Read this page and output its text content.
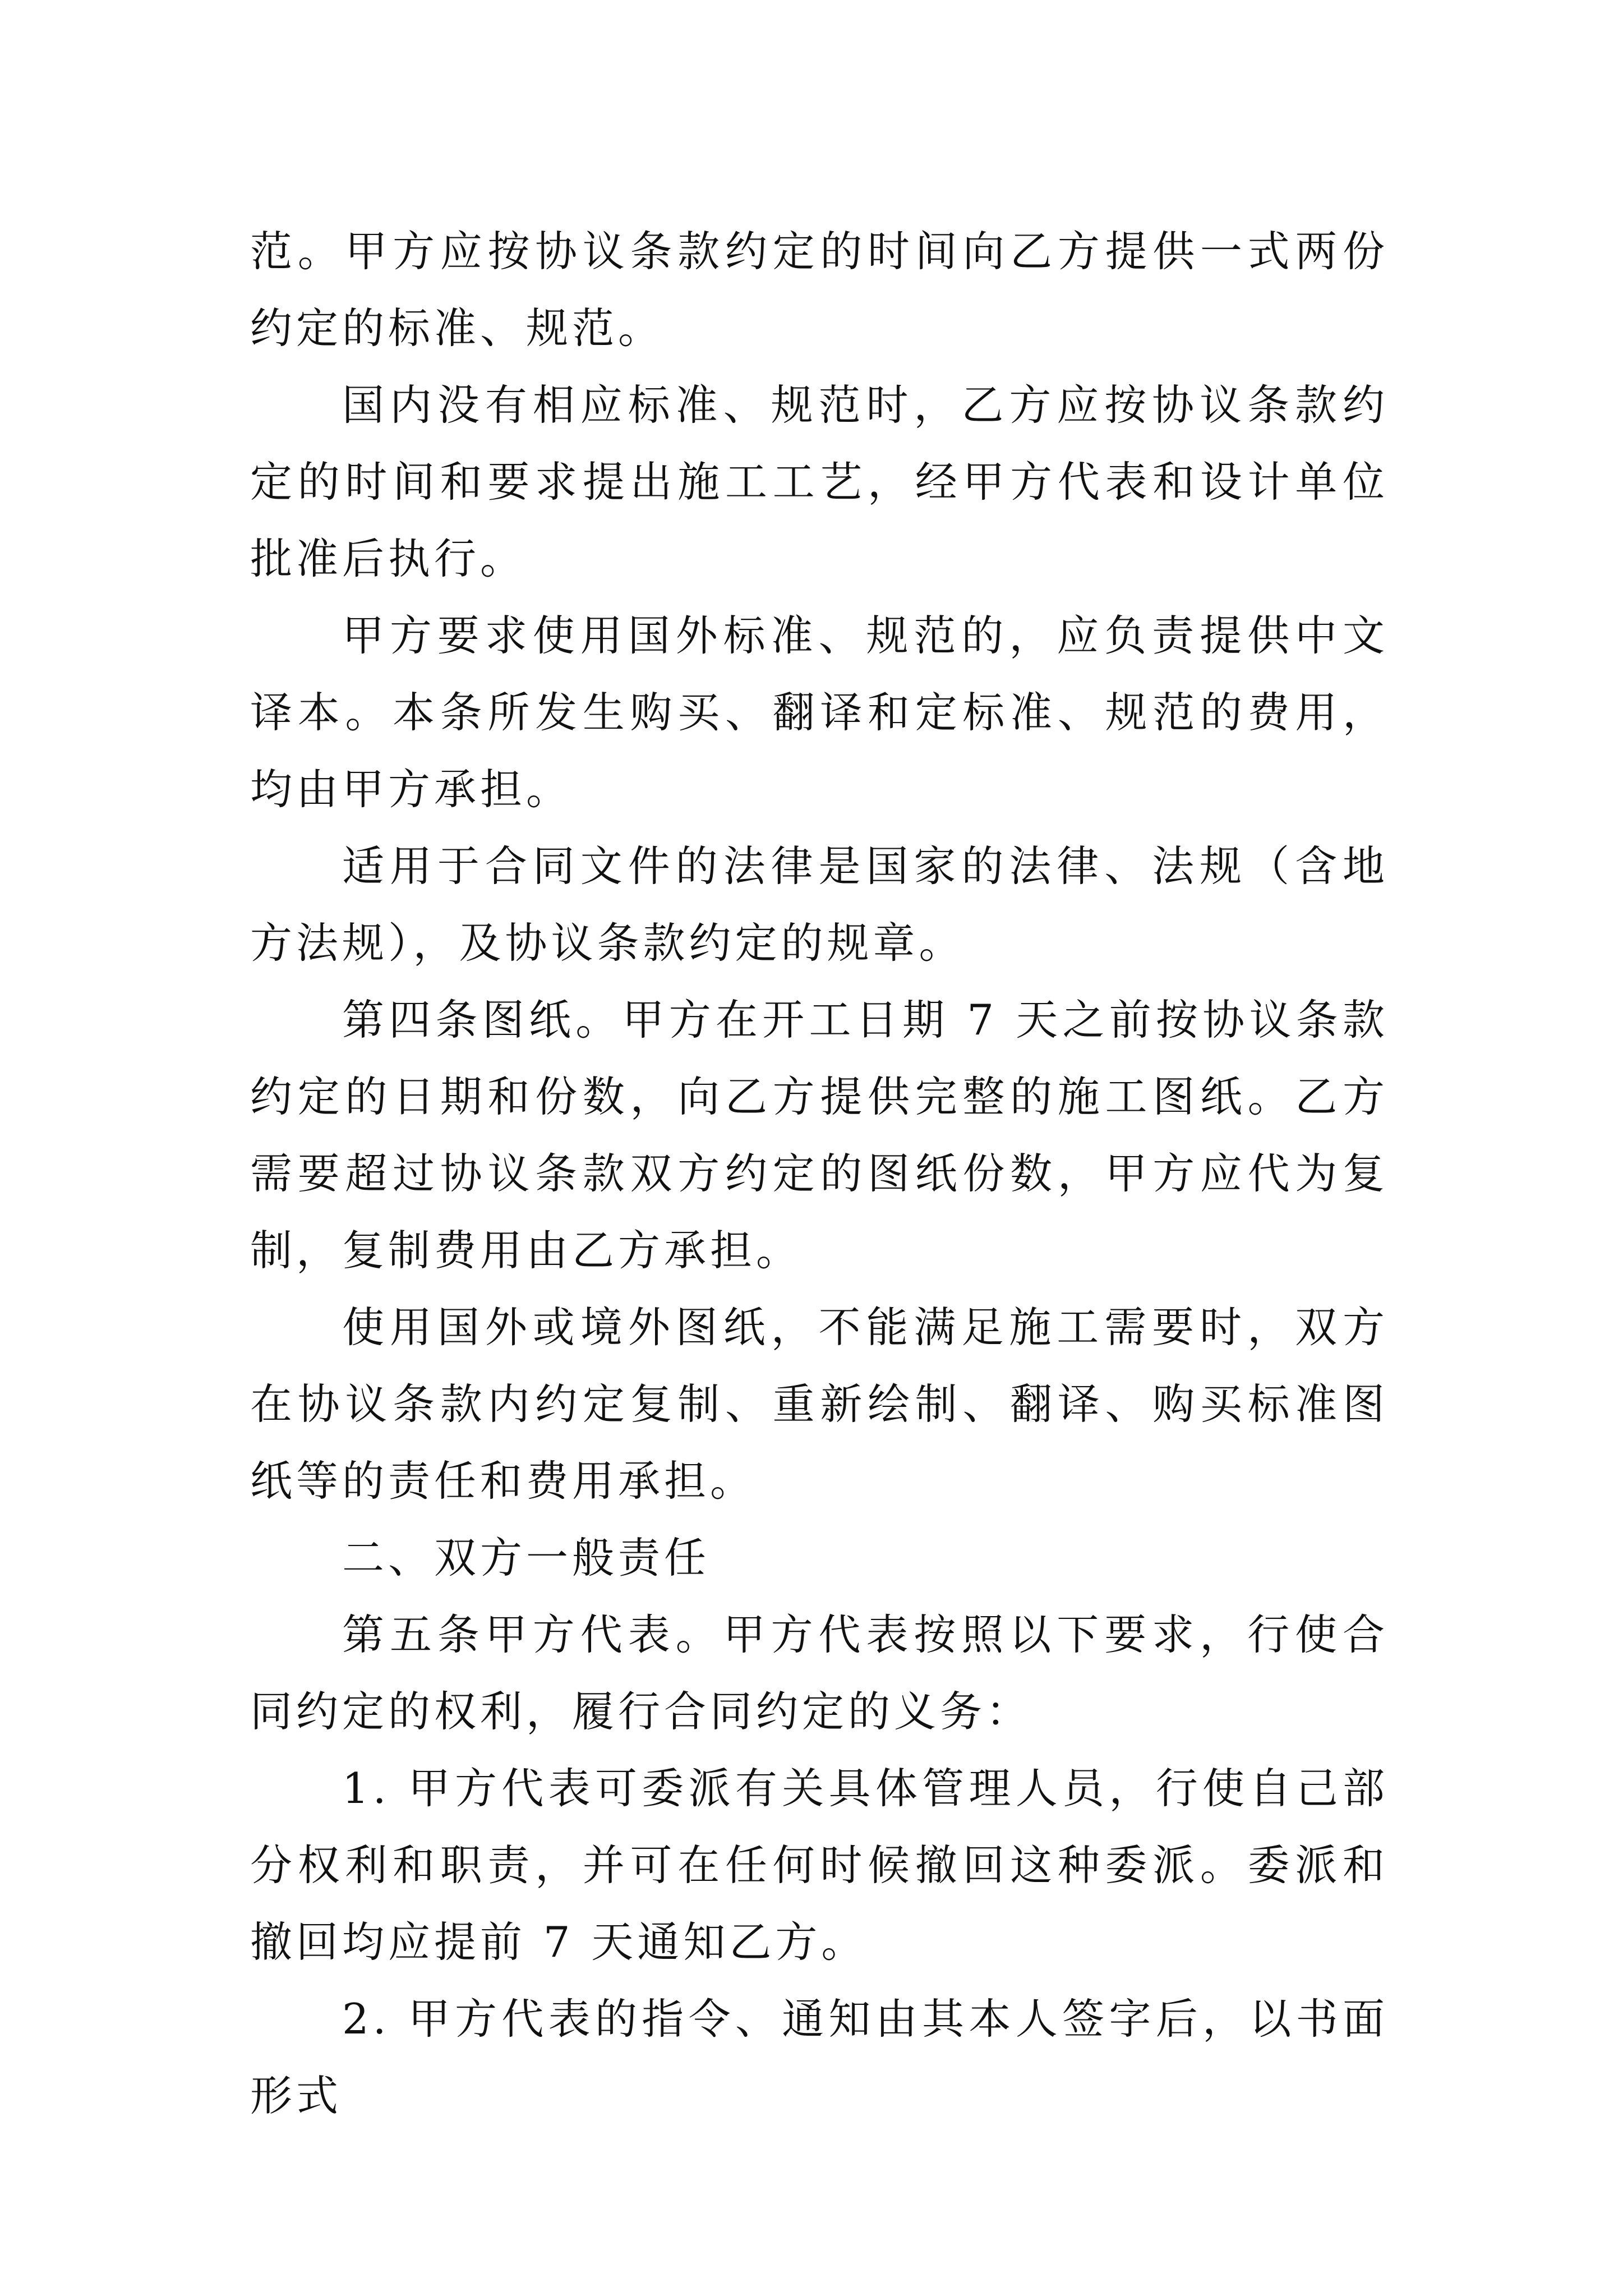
范。甲方应按协议条款约定的时间向乙方提供一式两份约定的标准、规范。

国内没有相应标准、规范时，乙方应按协议条款约定的时间和要求提出施工工艺，经甲方代表和设计单位批准后执行。

甲方要求使用国外标准、规范的，应负责提供中文译本。本条所发生购买、翻译和定标准、规范的费用，均由甲方承担。

适用于合同文件的法律是国家的法律、法规（含地方法规），及协议条款约定的规章。

第四条图纸。甲方在开工日期 7 天之前按协议条款约定的日期和份数，向乙方提供完整的施工图纸。乙方需要超过协议条款双方约定的图纸份数，甲方应代为复制，复制费用由乙方承担。

使用国外或境外图纸，不能满足施工需要时，双方在协议条款内约定复制、重新绘制、翻译、购买标准图纸等的责任和费用承担。

二、双方一般责任

第五条甲方代表。甲方代表按照以下要求，行使合同约定的权利，履行合同约定的义务：

1. 甲方代表可委派有关具体管理人员，行使自己部分权利和职责，并可在任何时候撤回这种委派。委派和撤回均应提前 7 天通知乙方。

2. 甲方代表的指令、通知由其本人签字后，以书面形式
